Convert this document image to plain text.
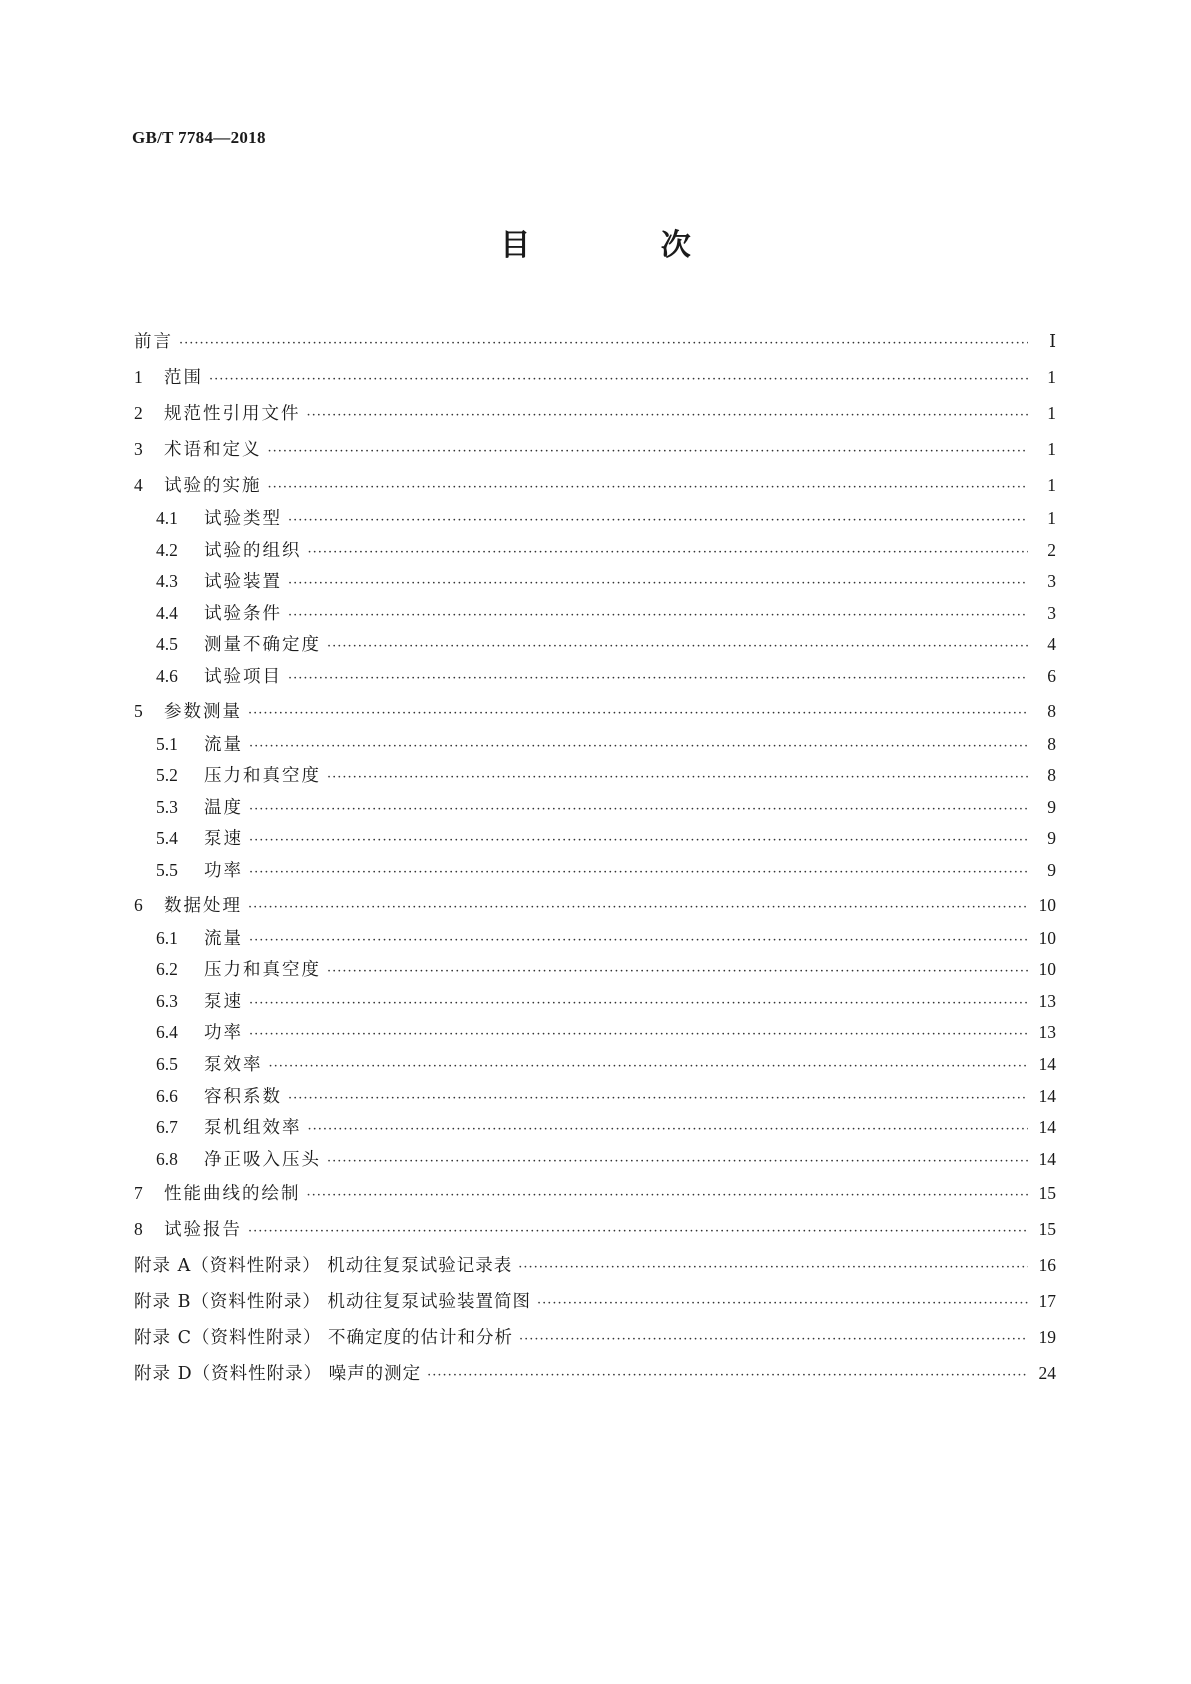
GB/T 7784—2018
目 次
前言 ·····	Ⅰ
1	范围 ·····	1
2	规范性引用文件 ·····	1
3	术语和定义 ·····	1
4	试验的实施 ·····	1
4.1	试验类型 ·····	1
4.2	试验的组织 ·····	2
4.3	试验装置 ·····	3
4.4	试验条件 ·····	3
4.5	测量不确定度 ·····	4
4.6	试验项目 ·····	6
5	参数测量 ·····	8
5.1	流量 ·····	8
5.2	压力和真空度 ·····	8
5.3	温度 ·····	9
5.4	泵速 ·····	9
5.5	功率 ·····	9
6	数据处理 ·····	10
6.1	流量 ·····	10
6.2	压力和真空度 ·····	10
6.3	泵速 ·····	13
6.4	功率 ·····	13
6.5	泵效率 ·····	14
6.6	容积系数 ·····	14
6.7	泵机组效率 ·····	14
6.8	净正吸入压头 ·····	14
7	性能曲线的绘制 ·····	15
8	试验报告 ·····	15
附录 A（资料性附录） 机动往复泵试验记录表 ·····	16
附录 B（资料性附录） 机动往复泵试验装置简图 ·····	17
附录 C（资料性附录） 不确定度的估计和分析 ·····	19
附录 D（资料性附录） 噪声的测定 ·····	24
